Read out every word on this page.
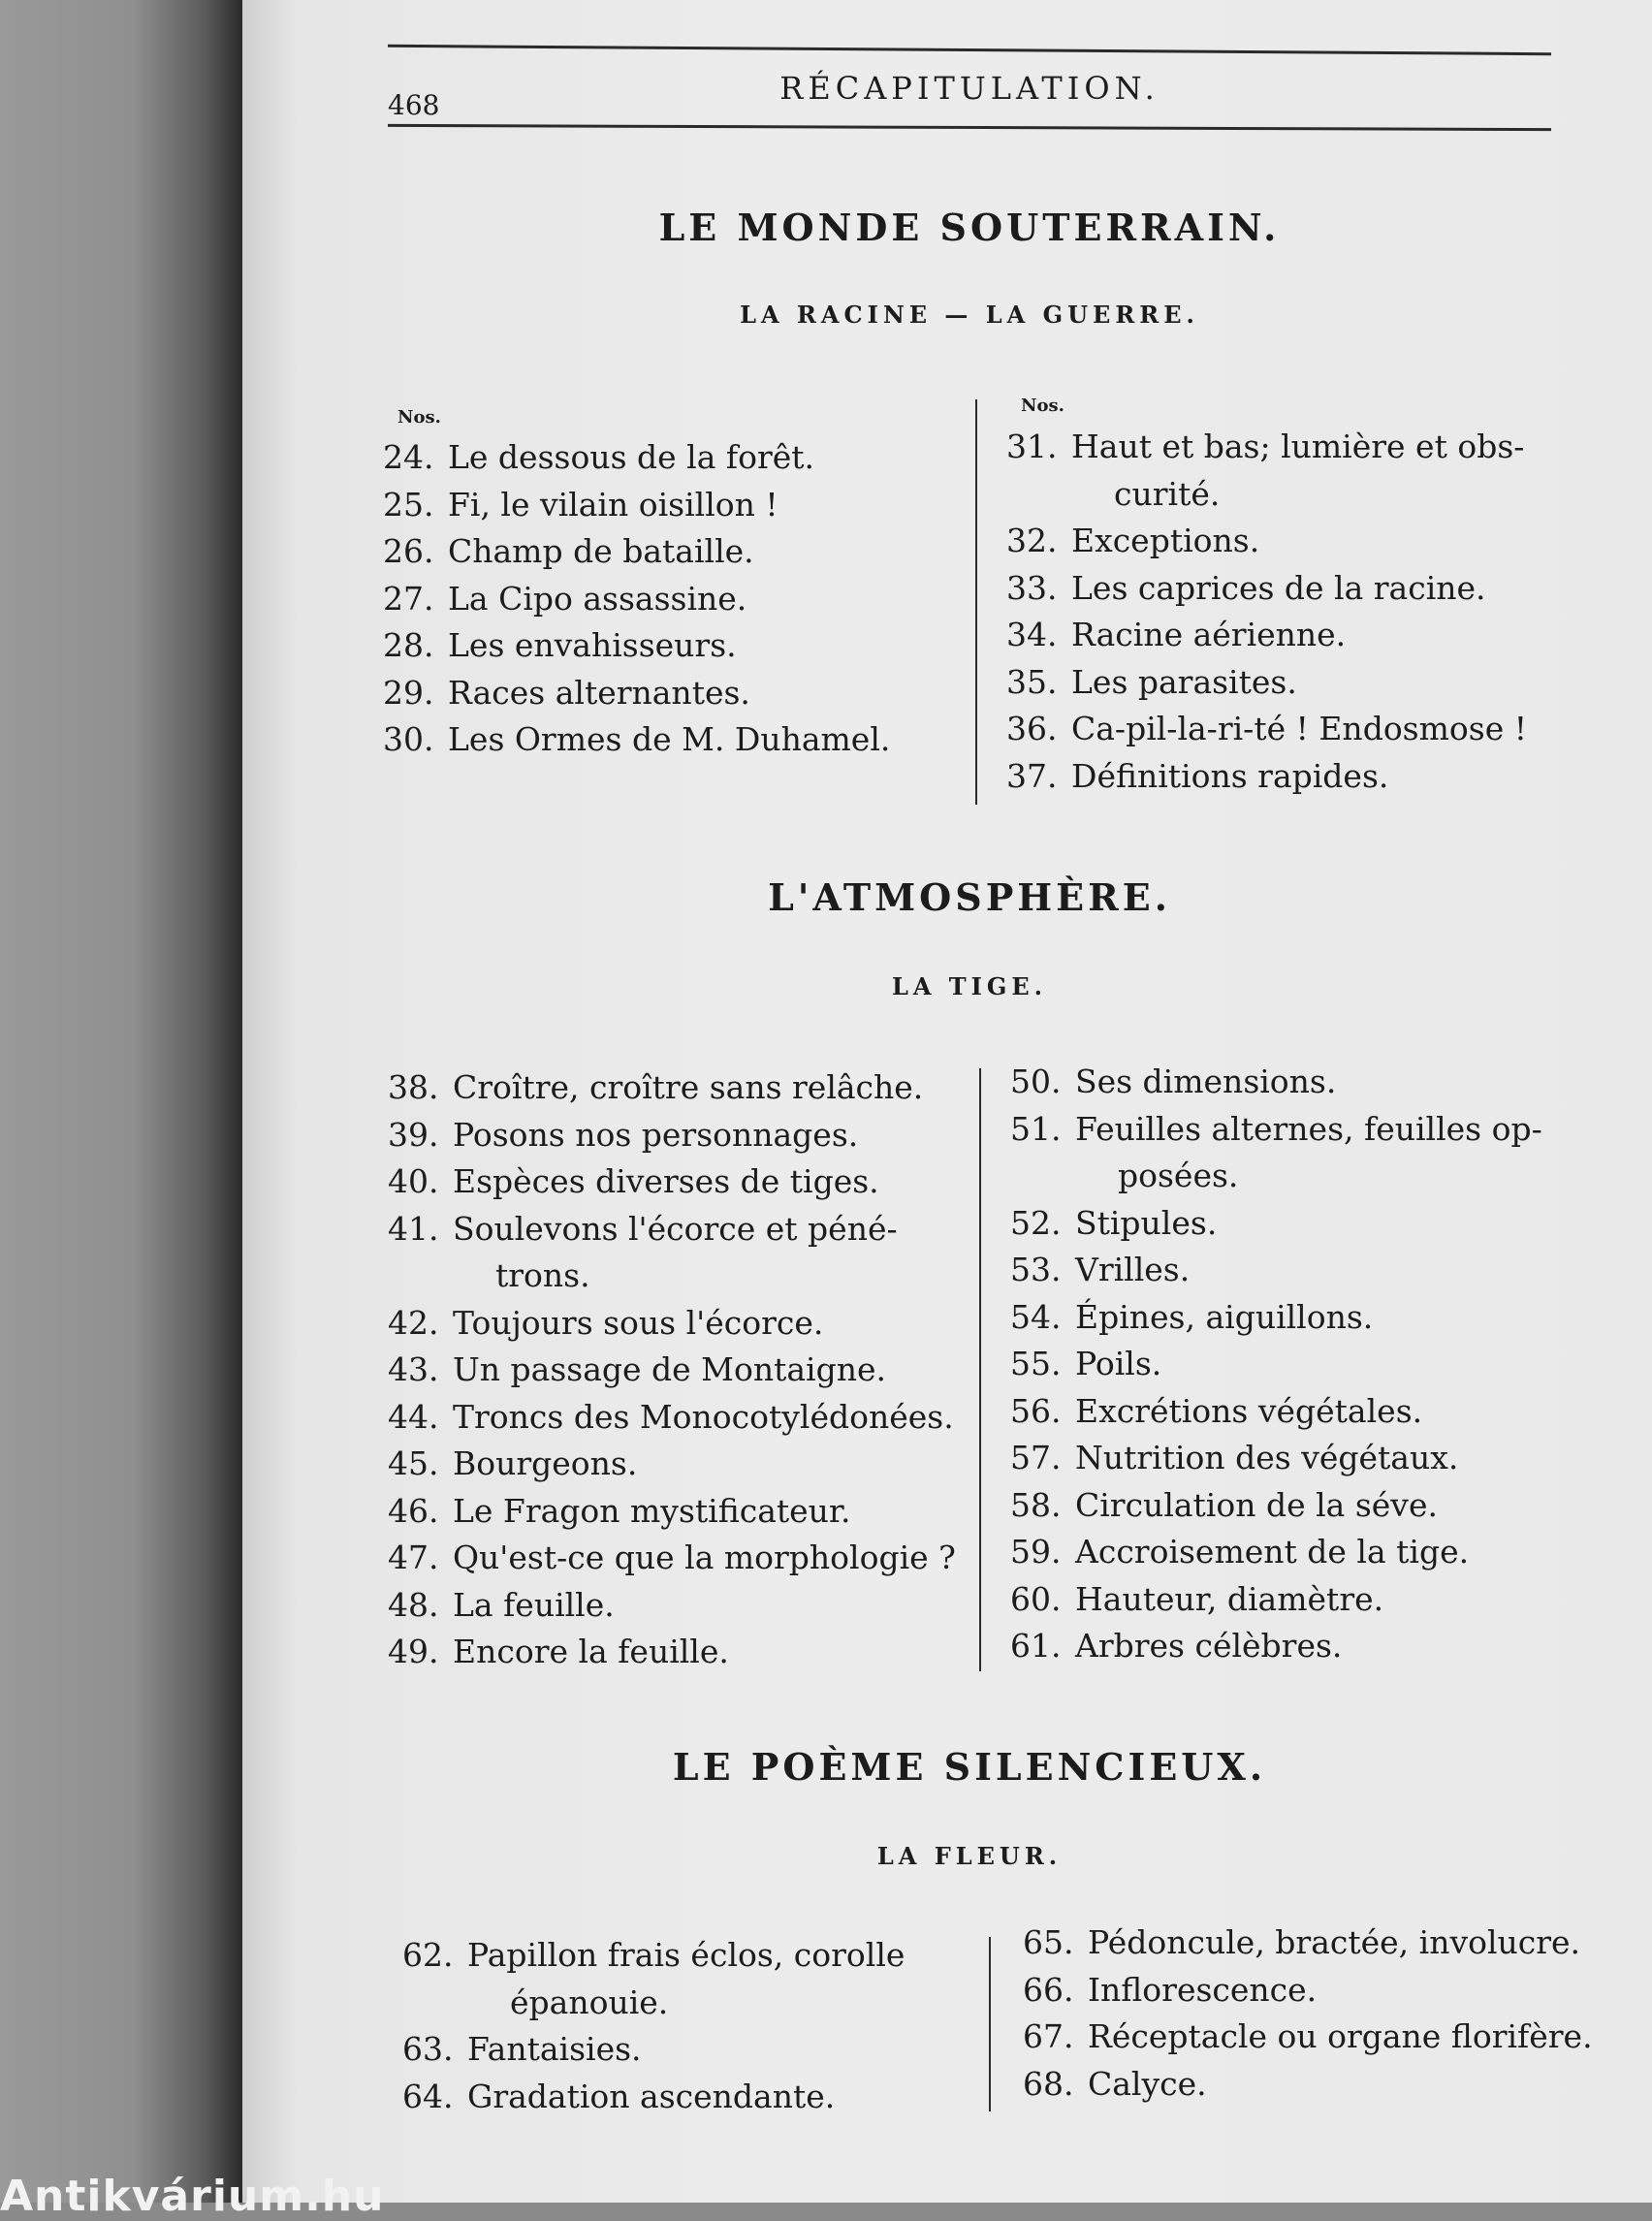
468	RÉCAPITULATION.
LE MONDE SOUTERRAIN.
LA RACINE — LA GUERRE.
Nos.
Nos.
24. Le dessous de la forêt.
25. Fi, le vilain oisillon !
26. Champ de bataille.
27. La Cipo assassine.
28. Les envahisseurs.
29. Races alternantes.
30. Les Ormes de M. Duhamel.
31. Haut et bas; lumière et obs-
curité.
32. Exceptions.
33. Les caprices de la racine.
34. Racine aérienne.
35. Les parasites.
36. Ca-pil-la-ri-té ! Endosmose !
37. Définitions rapides.
L'ATMOSPHÈRE.
LA TIGE.
38. Croître, croître sans relâche.
39. Posons nos personnages.
40. Espèces diverses de tiges.
41. Soulevons l'écorce et péné-
trons.
42. Toujours sous l'écorce.
43. Un passage de Montaigne.
44. Troncs des Monocotylédonées.
45. Bourgeons.
46. Le Fragon mystificateur.
47. Qu'est-ce que la morphologie ?
48. La feuille.
49. Encore la feuille.
50. Ses dimensions.
51. Feuilles alternes, feuilles op-
posées.
52. Stipules.
53. Vrilles.
54. Épines, aiguillons.
55. Poils.
56. Excrétions végétales.
57. Nutrition des végétaux.
58. Circulation de la séve.
59. Accroisement de la tige.
60. Hauteur, diamètre.
61. Arbres célèbres.
LE POÈME SILENCIEUX.
LA FLEUR.
62. Papillon frais éclos, corolle
épanouie.
63. Fantaisies.
64. Gradation ascendante.
65. Pédoncule, bractée, involucre.
66. Inflorescence.
67. Réceptacle ou organe florifère.
68. Calyce.
Antikvárium.hu
